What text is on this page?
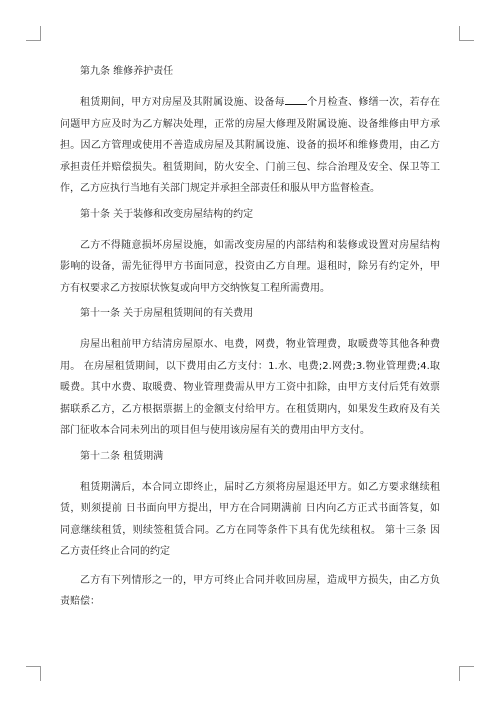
第九条 维修养护责任
租赁期间，甲方对房屋及其附属设施、设备每 个月检查、修缮一次，若存在
问题甲方应及时为乙方解决处理，正常的房屋大修理及附属设施、设备维修由甲方承
担。因乙方管理或使用不善造成房屋及其附属设施、设备的损坏和维修费用，由乙方
承担责任并赔偿损失。租赁期间，防火安全、门前三包、综合治理及安全、保卫等工
作，乙方应执行当地有关部门规定并承担全部责任和服从甲方监督检查。
第十条 关于装修和改变房屋结构的约定
乙方不得随意损坏房屋设施，如需改变房屋的内部结构和装修或设置对房屋结构
影响的设备，需先征得甲方书面同意，投资由乙方自理。退租时，除另有约定外，甲
方有权要求乙方按原状恢复或向甲方交纳恢复工程所需费用。
第十一条 关于房屋租赁期间的有关费用
房屋出租前甲方结清房屋原水、电费，网费，物业管理费，取暖费等其他各种费
用。 在房屋租赁期间，以下费用由乙方支付：1.水、电费;2.网费;3.物业管理费;4.取
暖费。其中水费、取暖费、物业管理费需从甲方工资中扣除，由甲方支付后凭有效票
据联系乙方，乙方根据票据上的金额支付给甲方。在租赁期内，如果发生政府及有关
部门征收本合同未列出的项目但与使用该房屋有关的费用由甲方支付。
第十二条 租赁期满
租赁期满后，本合同立即终止，届时乙方须将房屋退还甲方。如乙方要求继续租
赁，则须提前 日书面向甲方提出，甲方在合同期满前 日内向乙方正式书面答复，如
同意继续租赁，则续签租赁合同。乙方在同等条件下具有优先续租权。 第十三条 因
乙方责任终止合同的约定
乙方有下列情形之一的，甲方可终止合同并收回房屋，造成甲方损失，由乙方负
责赔偿：
